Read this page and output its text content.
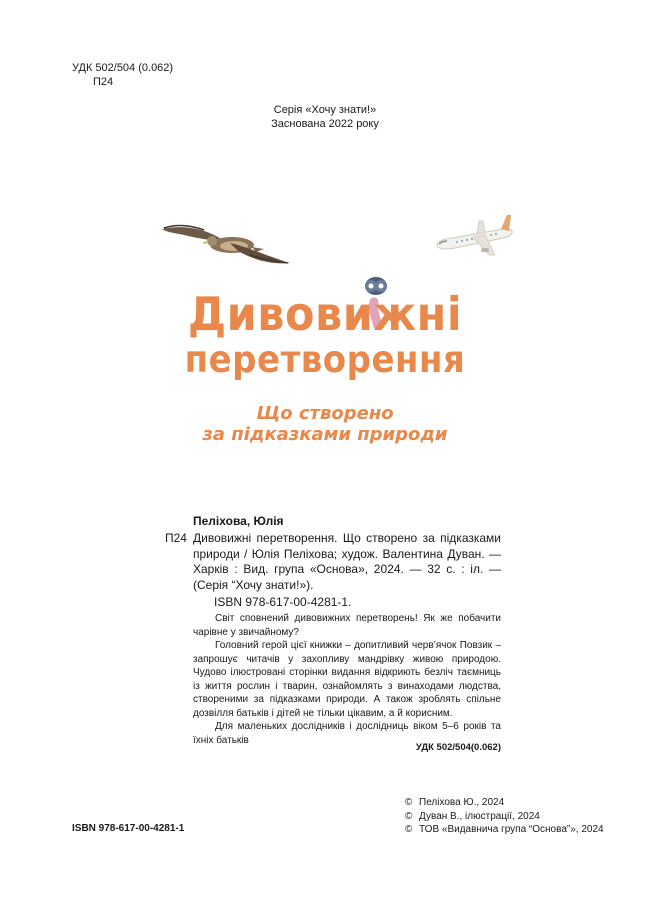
УДК 502/504 (0.062)
П24
Серія «Хочу знати!»
Заснована 2022 року
Дивовижні
перетворення
Що створено
за підказками природи
Пеліхова, Юлія
П24 Дивовижні перетворення. Що створено за підказками природи / Юлія Пеліхова; худож. Валентина Дуван. — Харків : Вид. група «Основа», 2024. — 32 с. : іл. — (Серія “Хочу знати!»).
ISBN 978-617-00-4281-1.

Світ сповнений дивовижних перетворень! Як же побачити чарівне у звичайному?

Головний герой цієї книжки – допитливий черв’ячок Повзик – запрошує читачів у захопливу мандрівку живою природою. Чудово ілюстровані сторінки видання відкриють безліч таємниць із життя рослин і тварин, ознайомлять з винаходами людства, створеними за підказками природи. А також зроблять спільне дозвілля батьків і дітей не тільки цікавим, а й корисним.

Для маленьких дослідників і дослідниць віком 5–6 років та їхніх батьків

УДК 502/504(0.062)
ISBN 978-617-00-4281-1
© Пеліхова Ю., 2024
© Дуван В., ілюстрації, 2024
© ТОВ «Видавнича група “Основа”», 2024
